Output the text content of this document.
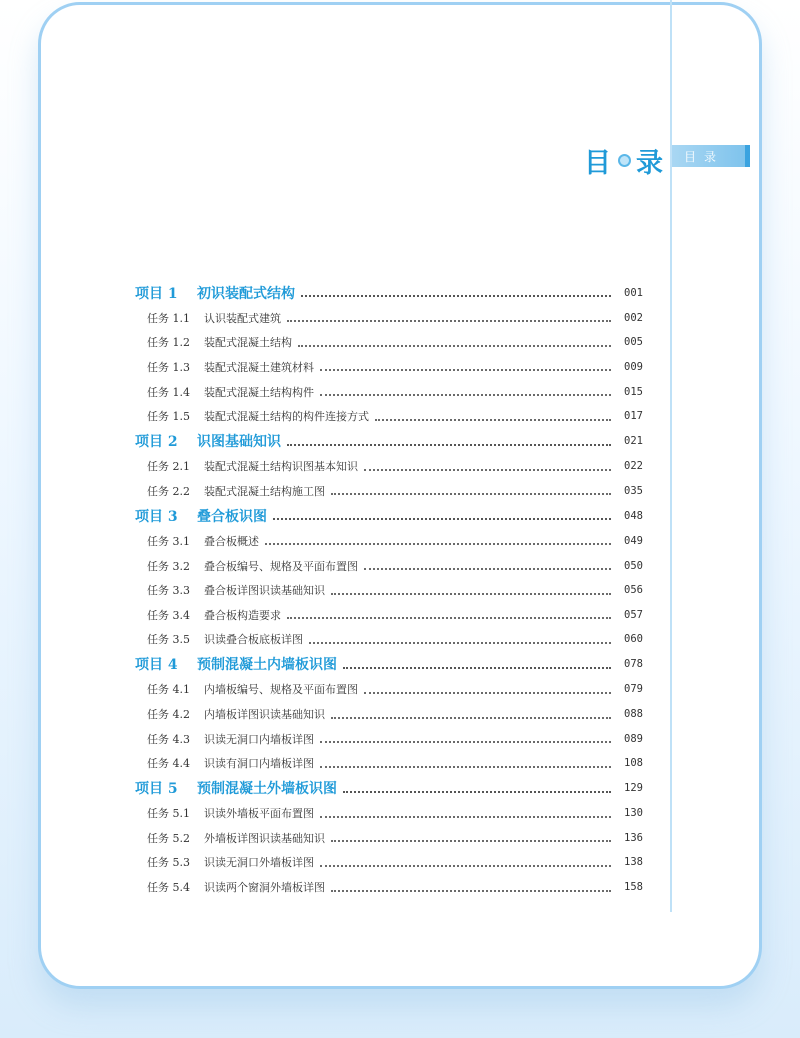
目 录 目录
项目 1 初识装配式结构	001
任务 1.1 认识装配式建筑	002
任务 1.2 装配式混凝土结构	005
任务 1.3 装配式混凝土建筑材料	009
任务 1.4 装配式混凝土结构构件	015
任务 1.5 装配式混凝土结构的构件连接方式	017
项目 2 识图基础知识	021
任务 2.1 装配式混凝土结构识图基本知识	022
任务 2.2 装配式混凝土结构施工图	035
项目 3 叠合板识图	048
任务 3.1 叠合板概述	049
任务 3.2 叠合板编号、规格及平面布置图	050
任务 3.3 叠合板详图识读基础知识	056
任务 3.4 叠合板构造要求	057
任务 3.5 识读叠合板底板详图	060
项目 4 预制混凝土内墙板识图	078
任务 4.1 内墙板编号、规格及平面布置图	079
任务 4.2 内墙板详图识读基础知识	088
任务 4.3 识读无洞口内墙板详图	089
任务 4.4 识读有洞口内墙板详图	108
项目 5 预制混凝土外墙板识图	129
任务 5.1 识读外墙板平面布置图	130
任务 5.2 外墙板详图识读基础知识	136
任务 5.3 识读无洞口外墙板详图	138
任务 5.4 识读两个窗洞外墙板详图	158
